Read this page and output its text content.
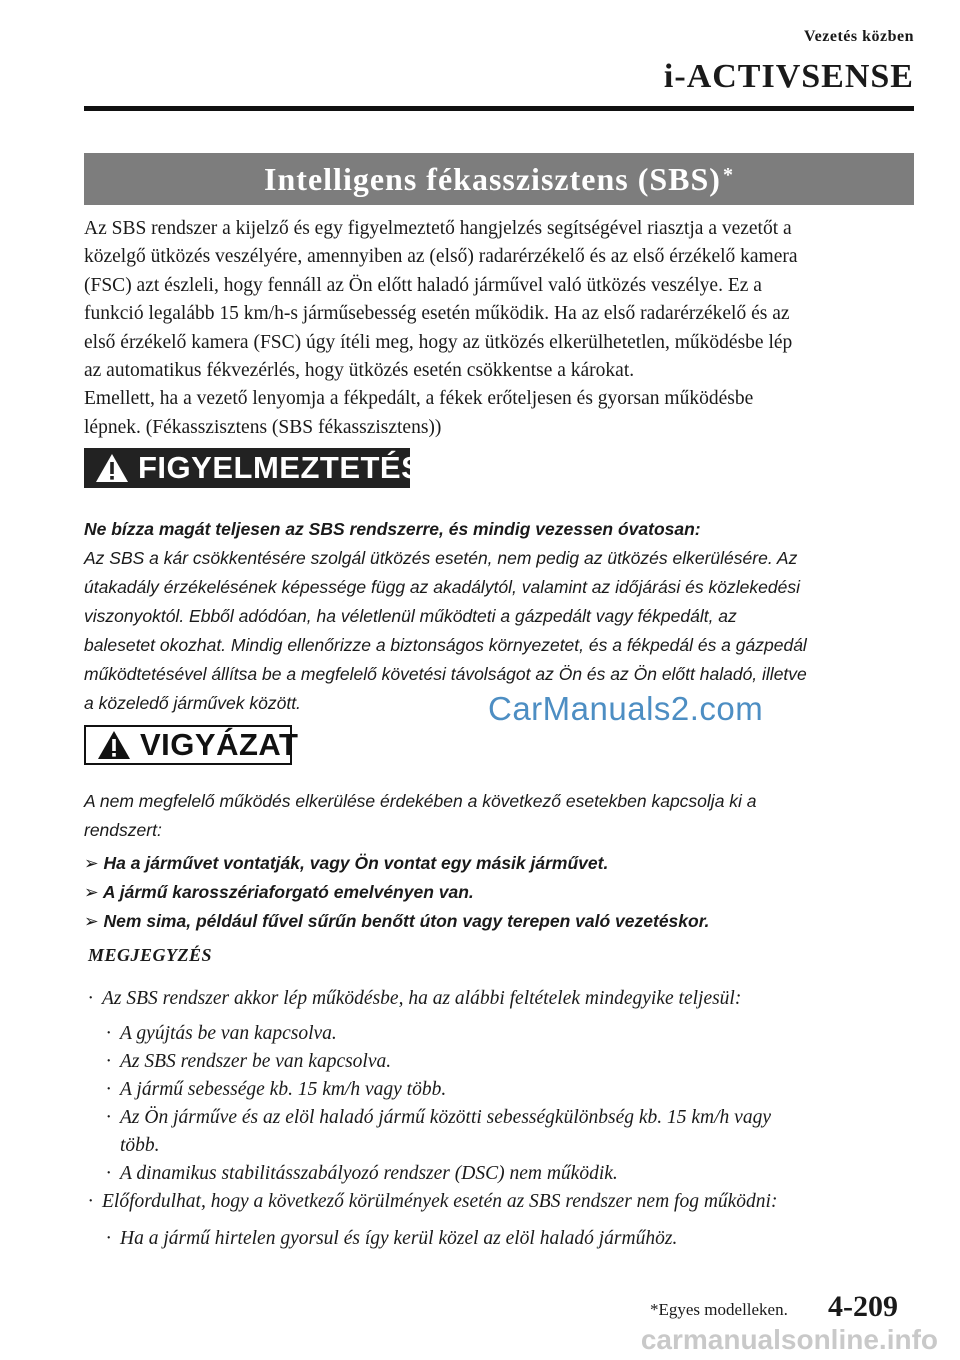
Vezetés közben
i-ACTIVSENSE
Intelligens fékasszisztens (SBS)*
Az SBS rendszer a kijelző és egy figyelmeztető hangjelzés segítségével riasztja a vezetőt a
közelgő ütközés veszélyére, amennyiben az (első) radarérzékelő és az első érzékelő kamera
(FSC) azt észleli, hogy fennáll az Ön előtt haladó járművel való ütközés veszélye. Ez a
funkció legalább 15 km/h-s járműsebesség esetén működik. Ha az első radarérzékelő és az
első érzékelő kamera (FSC) úgy ítéli meg, hogy az ütközés elkerülhetetlen, működésbe lép
az automatikus fékvezérlés, hogy ütközés esetén csökkentse a károkat.
Emellett, ha a vezető lenyomja a fékpedált, a fékek erőteljesen és gyorsan működésbe
lépnek. (Fékasszisztens (SBS fékasszisztens))
FIGYELMEZTETÉS
Ne bízza magát teljesen az SBS rendszerre, és mindig vezessen óvatosan:
Az SBS a kár csökkentésére szolgál ütközés esetén, nem pedig az ütközés elkerülésére. Az
útakadály érzékelésének képessége függ az akadálytól, valamint az időjárási és közlekedési
viszonyoktól. Ebből adódóan, ha véletlenül működteti a gázpedált vagy fékpedált, az
balesetet okozhat. Mindig ellenőrizze a biztonságos környezetet, és a fékpedál és a gázpedál
működtetésével állítsa be a megfelelő követési távolságot az Ön és az Ön előtt haladó, illetve
a közeledő járművek között.	CarManuals2.com
VIGYÁZAT
A nem megfelelő működés elkerülése érdekében a következő esetekben kapcsolja ki a
rendszert:
➢ Ha a járművet vontatják, vagy Ön vontat egy másik járművet.
➢ A jármű karosszériaforgató emelvényen van.
➢ Nem sima, például fűvel sűrűn benőtt úton vagy terepen való vezetéskor.
MEGJEGYZÉS
· Az SBS rendszer akkor lép működésbe, ha az alábbi feltételek mindegyike teljesül:
· A gyújtás be van kapcsolva.
· Az SBS rendszer be van kapcsolva.
· A jármű sebessége kb. 15 km/h vagy több.
· Az Ön járműve és az elöl haladó jármű közötti sebességkülönbség kb. 15 km/h vagy
több.
· A dinamikus stabilitásszabályozó rendszer (DSC) nem működik.
· Előfordulhat, hogy a következő körülmények esetén az SBS rendszer nem fog működni:
· Ha a jármű hirtelen gyorsul és így kerül közel az elöl haladó járműhöz.
*Egyes modelleken. 4-209
carmanualsonline.info
